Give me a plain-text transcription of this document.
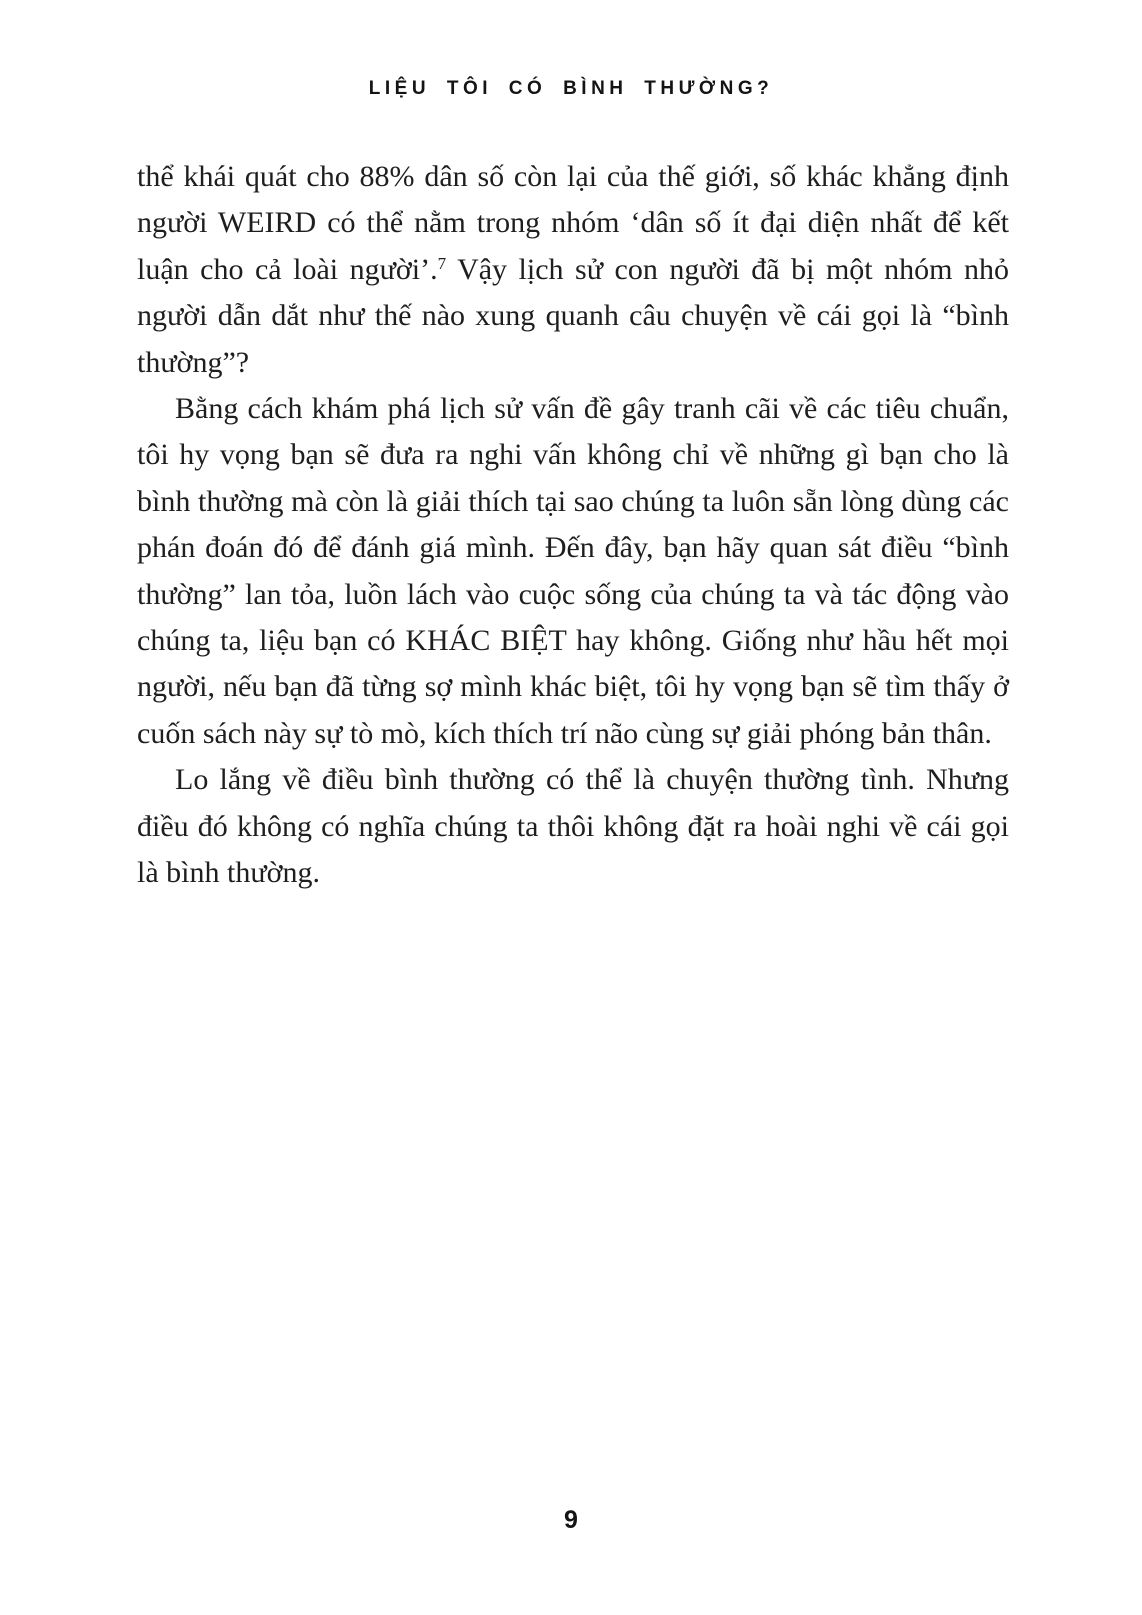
LIỆU TÔI CÓ BÌNH THƯỜNG?

thể khái quát cho 88% dân số còn lại của thế giới, số khác khẳng định người WEIRD có thể nằm trong nhóm ‘dân số ít đại diện nhất để kết luận cho cả loài người’.$^7$ Vậy lịch sử con người đã bị một nhóm nhỏ người dẫn dắt như thế nào xung quanh câu chuyện về cái gọi là “bình thường”?

Bằng cách khám phá lịch sử vấn đề gây tranh cãi về các tiêu chuẩn, tôi hy vọng bạn sẽ đưa ra nghi vấn không chỉ về những gì bạn cho là bình thường mà còn là giải thích tại sao chúng ta luôn sẵn lòng dùng các phán đoán đó để đánh giá mình. Đến đây, bạn hãy quan sát điều “bình thường” lan tỏa, luồn lách vào cuộc sống của chúng ta và tác động vào chúng ta, liệu bạn có KHÁC BIỆT hay không. Giống như hầu hết mọi người, nếu bạn đã từng sợ mình khác biệt, tôi hy vọng bạn sẽ tìm thấy ở cuốn sách này sự tò mò, kích thích trí não cùng sự giải phóng bản thân.

Lo lắng về điều bình thường có thể là chuyện thường tình. Nhưng điều đó không có nghĩa chúng ta thôi không đặt ra hoài nghi về cái gọi là bình thường.

9
